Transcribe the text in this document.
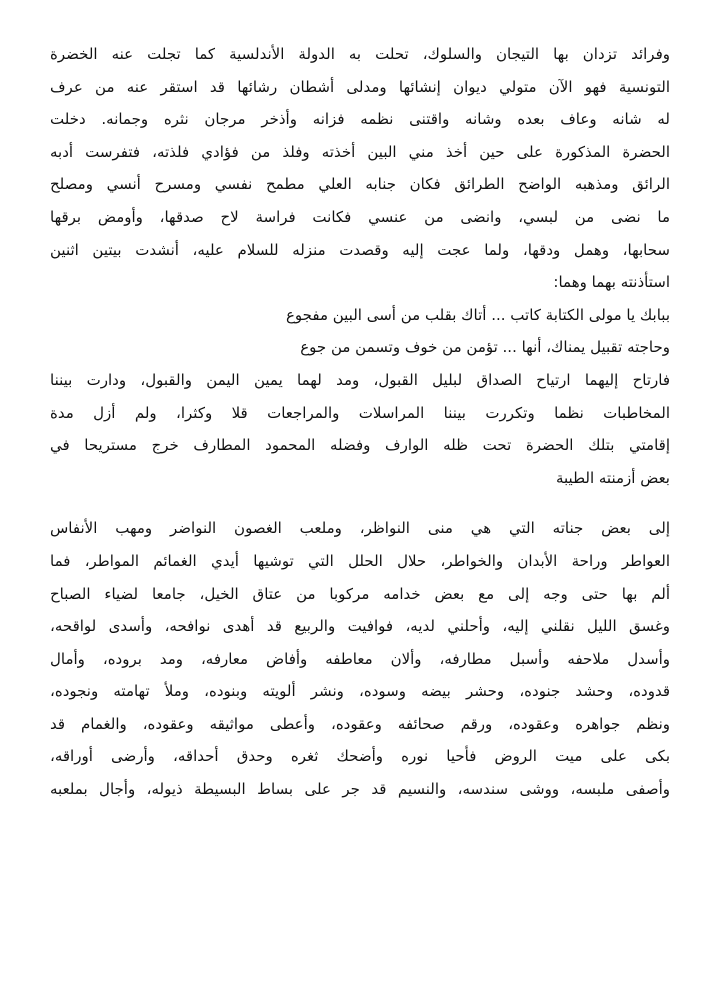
وفرائد تزدان بها التيجان والسلوك، تحلت به الدولة الأندلسية كما تجلت عنه الخضرة
التونسية فهو الآن متولي ديوان إنشائها ومدلى أشطان رشائها قد استقر عنه من عرف
له شانه وعاف بعده وشانه واقتنى نظمه فزانه وأذخر مرجان نثره وجمانه. دخلت
الحضرة المذكورة على حين أخذ مني البين أخذته وفلذ من فؤادي فلذته، فتفرست أدبه
الرائق ومذهبه الواضح الطرائق فكان جنابه العلي مطمح نفسي ومسرح أنسي ومصلح
ما نضى من لبسي، وانضى من عنسي فكانت فراسة لاح صدقها، وأومض برقها
سحابها، وهمل ودقها، ولما عجت إليه وقصدت منزله للسلام عليه، أنشدت بيتين اثنين
استأذنته بهما وهما:

ببابك يا مولى الكتابة كاتب ... أتاك بقلب من أسى البين مفجوع
وحاجته تقبيل يمناك، أنها ... تؤمن من خوف وتسمن من جوع

فارتاح إليهما ارتياح الصداق لبليل القبول، ومد لهما يمين اليمن والقبول، ودارت بيننا
المخاطبات نظما وتكررت بيننا المراسلات والمراجعات قلا وكثرا، ولم أزل مدة
إقامتي بتلك الحضرة تحت ظله الوارف وفضله المحمود المطارف خرج مستريحا في
بعض أزمنته الطيبة

إلى بعض جناته التي هي منى النواظر، وملعب الغصون النواضر ومهب الأنفاس
العواطر وراحة الأبدان والخواطر، حلال الحلل التي توشيها أيدي الغمائم المواطر، فما
ألم بها حتى وجه إلى مع بعض خدامه مركوبا من عتاق الخيل، جامعا لضياء الصباح
وغسق الليل نقلني إليه، وأحلني لديه، فوافيت والربيع قد أهدى نوافحه، وأسدى لواقحه،
وأسدل ملاحفه وأسبل مطارفه، وألان معاطفه وأفاض معارفه، ومد بروده، وأمال
قدوده، وحشد جنوده، وحشر بيضه وسوده، ونشر ألويته وبنوده، وملأ تهامته ونجوده،
ونظم جواهره وعقوده، ورقم صحائفه وعقوده، وأعطى مواثيقه وعقوده، والغمام قد
بكى على ميت الروض فأحيا نوره وأضحك ثغره وحدق أحداقه، وأرضى أوراقه،
وأصفى ملبسه، ووشى سندسه، والنسيم قد جر على بساط البسيطة ذيوله، وأجال بملعبه
